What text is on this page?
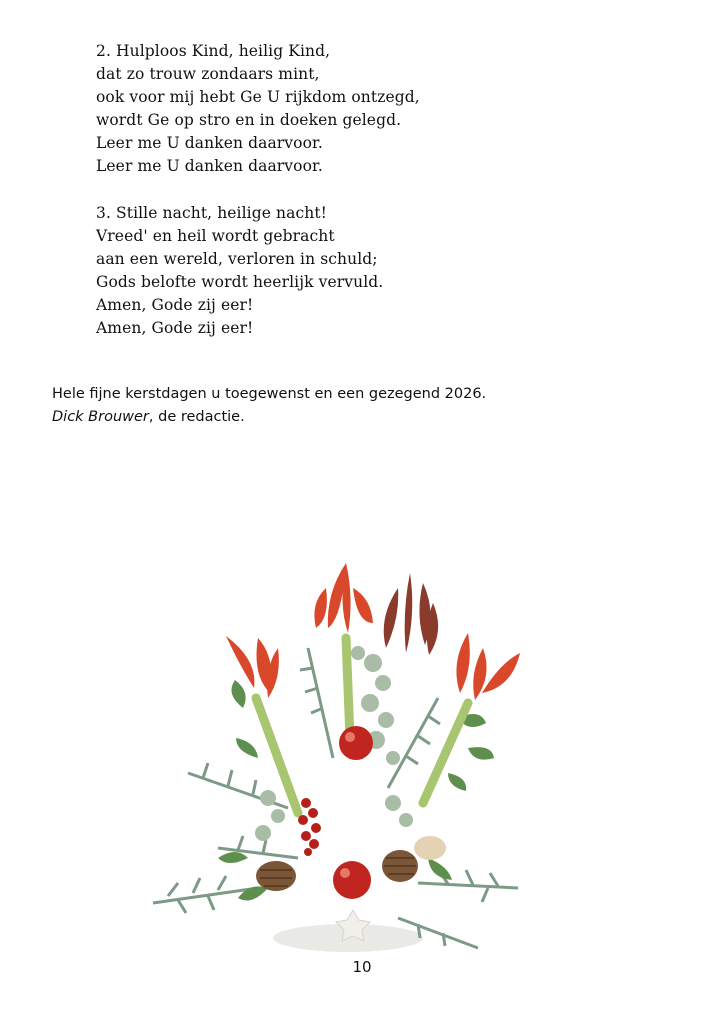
2. Hulploos Kind, heilig Kind,
dat zo trouw zondaars mint,
ook voor mij hebt Ge U rijkdom ontzegd,
wordt Ge op stro en in doeken gelegd.
Leer me U danken daarvoor.
Leer me U danken daarvoor.
3. Stille nacht, heilige nacht!
Vreed' en heil wordt gebracht
aan een wereld, verloren in schuld;
Gods belofte wordt heerlijk vervuld.
Amen, Gode zij eer!
Amen, Gode zij eer!
Hele fijne kerstdagen u toegewenst en een gezegend 2026.
Dick Brouwer, de redactie.
10
